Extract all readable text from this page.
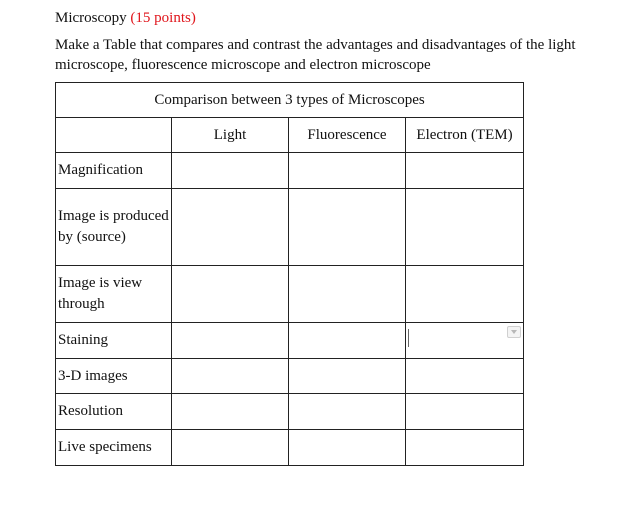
Microscopy (15 points)
Make a Table that compares and contrast the advantages and disadvantages of the light microscope, fluorescence microscope and electron microscope
Comparison between 3 types of Microscopes			
	Light	Fluorescence	Electron (TEM)
Magnification			
Image is produced by (source)			
Image is view through			
Staining			

3-D images			
Resolution			
Live specimens			
